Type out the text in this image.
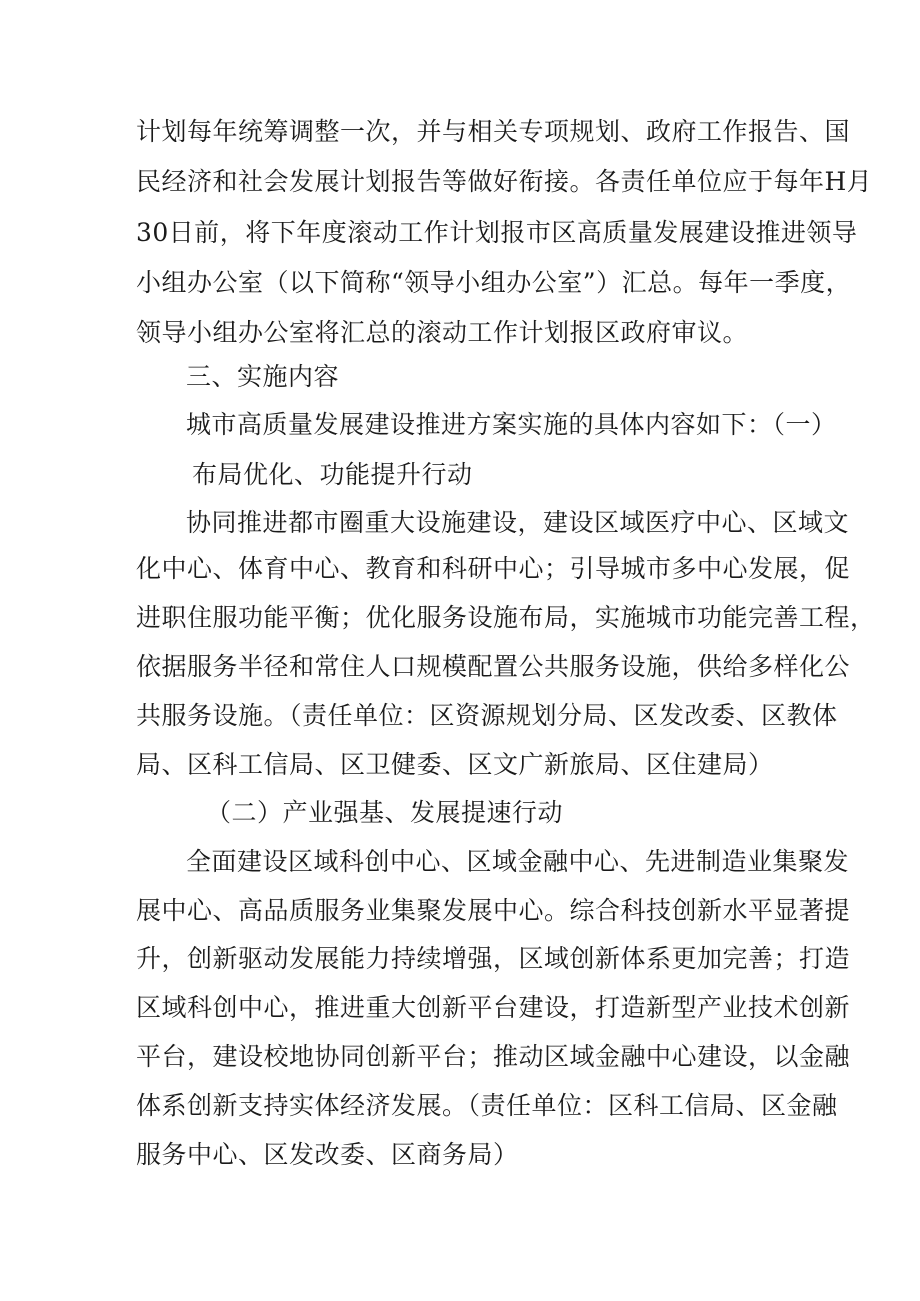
计划每年统筹调整一次，并与相关专项规划、政府工作报告、国
民经济和社会发展计划报告等做好衔接。各责任单位应于每年H月
30日前，将下年度滚动工作计划报市区高质量发展建设推进领导
小组办公室（以下简称“领导小组办公室”）汇总。每年一季度，
领导小组办公室将汇总的滚动工作计划报区政府审议。
三、实施内容
城市高质量发展建设推进方案实施的具体内容如下：（一）
布局优化、功能提升行动
协同推进都市圈重大设施建设，建设区域医疗中心、区域文
化中心、体育中心、教育和科研中心；引导城市多中心发展，促
进职住服功能平衡；优化服务设施布局，实施城市功能完善工程，
依据服务半径和常住人口规模配置公共服务设施，供给多样化公
共服务设施。（责任单位：区资源规划分局、区发改委、区教体
局、区科工信局、区卫健委、区文广新旅局、区住建局）
（二）产业强基、发展提速行动
全面建设区域科创中心、区域金融中心、先进制造业集聚发
展中心、高品质服务业集聚发展中心。综合科技创新水平显著提
升，创新驱动发展能力持续增强，区域创新体系更加完善；打造
区域科创中心，推进重大创新平台建设，打造新型产业技术创新
平台，建设校地协同创新平台；推动区域金融中心建设，以金融
体系创新支持实体经济发展。（责任单位：区科工信局、区金融
服务中心、区发改委、区商务局）
